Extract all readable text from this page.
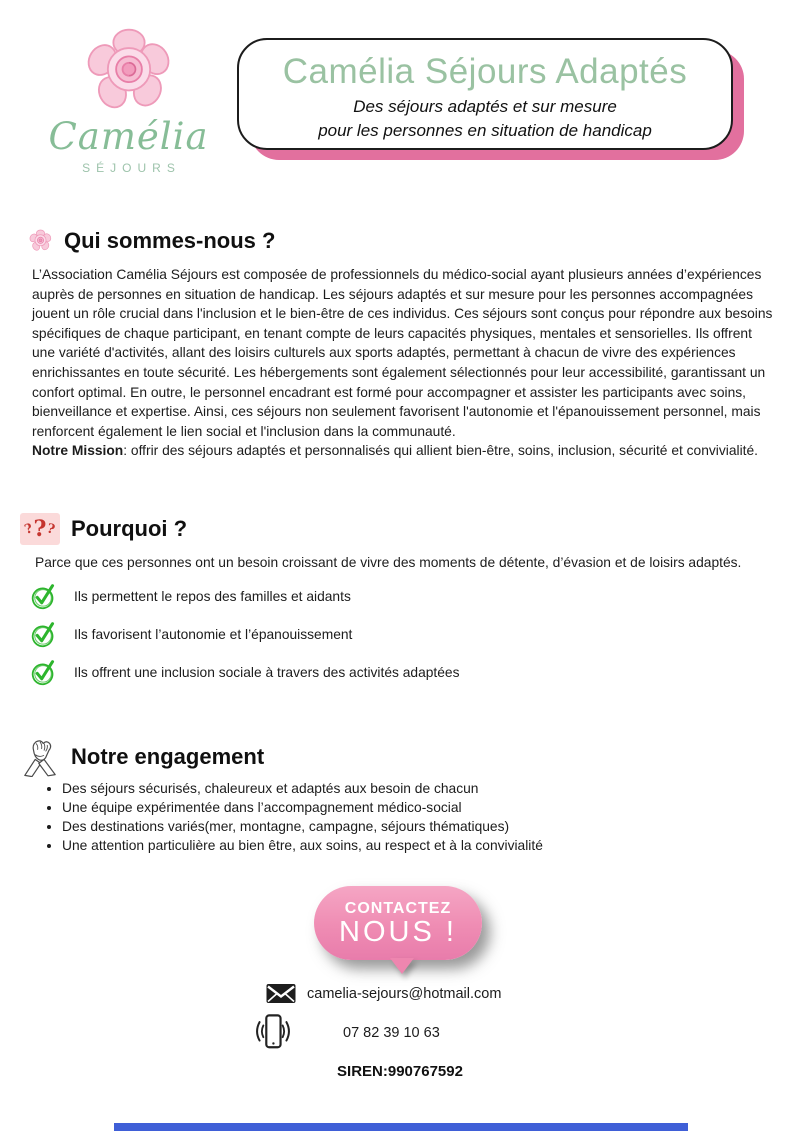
Camélia
SÉJOURS
Camélia Séjours Adaptés
Des séjours adaptés et sur mesure
pour les personnes en situation de handicap
Qui sommes-nous ?
L’Association Camélia Séjours est composée de professionnels du médico-social ayant plusieurs années d’expériences auprès de personnes en situation de handicap. Les séjours adaptés et sur mesure pour les personnes accompagnées jouent un rôle crucial dans l'inclusion et le bien-être de ces individus. Ces séjours sont conçus pour répondre aux besoins spécifiques de chaque participant, en tenant compte de leurs capacités physiques, mentales et sensorielles. Ils offrent une variété d'activités, allant des loisirs culturels aux sports adaptés, permettant à chacun de vivre des expériences enrichissantes en toute sécurité. Les hébergements sont également sélectionnés pour leur accessibilité, garantissant un confort optimal. En outre, le personnel encadrant est formé pour accompagner et assister les participants avec soins, bienveillance et expertise. Ainsi, ces séjours non seulement favorisent l'autonomie et l'épanouissement personnel, mais renforcent également le lien social et l'inclusion dans la communauté.
Notre Mission: offrir des séjours adaptés et personnalisés qui allient bien-être, soins, inclusion, sécurité et convivialité.
?
? ? Pourquoi ?
Parce que ces personnes ont un besoin croissant de vivre des moments de détente, d’évasion et de loisirs adaptés.
Ils permettent le repos des familles et aidants
Ils favorisent l’autonomie et l’épanouissement
Ils offrent une inclusion sociale à travers des activités adaptées
Notre engagement
• Des séjours sécurisés, chaleureux et adaptés aux besoin de chacun
• Une équipe expérimentée dans l’accompagnement médico-social
• Des destinations variés(mer, montagne, campagne, séjours thématiques)
• Une attention particulière au bien être, aux soins, au respect et à la convivialité
CONTACTEZ
NOUS !
camelia-sejours@hotmail.com
07 82 39 10 63
SIREN:990767592
